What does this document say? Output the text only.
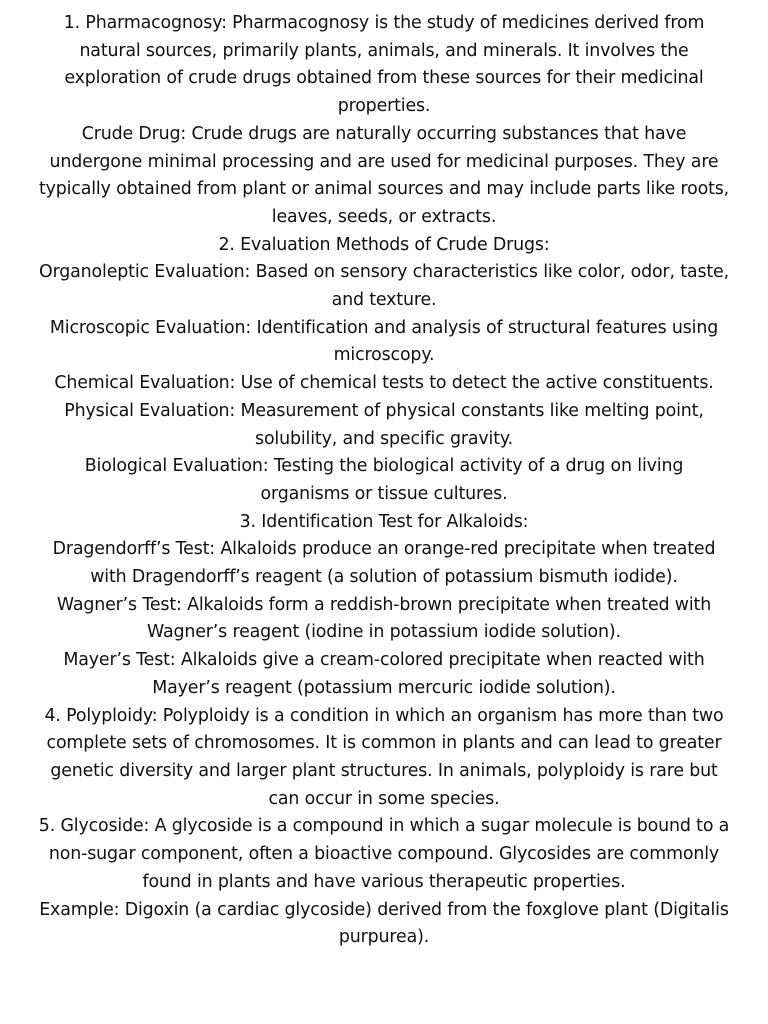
1. Pharmacognosy: Pharmacognosy is the study of medicines derived from natural sources, primarily plants, animals, and minerals. It involves the exploration of crude drugs obtained from these sources for their medicinal properties.

Crude Drug: Crude drugs are naturally occurring substances that have undergone minimal processing and are used for medicinal purposes. They are typically obtained from plant or animal sources and may include parts like roots, leaves, seeds, or extracts.

2. Evaluation Methods of Crude Drugs:

Organoleptic Evaluation: Based on sensory characteristics like color, odor, taste, and texture.

Microscopic Evaluation: Identification and analysis of structural features using microscopy.

Chemical Evaluation: Use of chemical tests to detect the active constituents.

Physical Evaluation: Measurement of physical constants like melting point, solubility, and specific gravity.

Biological Evaluation: Testing the biological activity of a drug on living organisms or tissue cultures.

3. Identification Test for Alkaloids:

Dragendorff’s Test: Alkaloids produce an orange-red precipitate when treated with Dragendorff’s reagent (a solution of potassium bismuth iodide).

Wagner’s Test: Alkaloids form a reddish-brown precipitate when treated with Wagner’s reagent (iodine in potassium iodide solution).

Mayer’s Test: Alkaloids give a cream-colored precipitate when reacted with Mayer’s reagent (potassium mercuric iodide solution).

4. Polyploidy: Polyploidy is a condition in which an organism has more than two complete sets of chromosomes. It is common in plants and can lead to greater genetic diversity and larger plant structures. In animals, polyploidy is rare but can occur in some species.

5. Glycoside: A glycoside is a compound in which a sugar molecule is bound to a non-sugar component, often a bioactive compound. Glycosides are commonly found in plants and have various therapeutic properties.

Example: Digoxin (a cardiac glycoside) derived from the foxglove plant (Digitalis purpurea).
